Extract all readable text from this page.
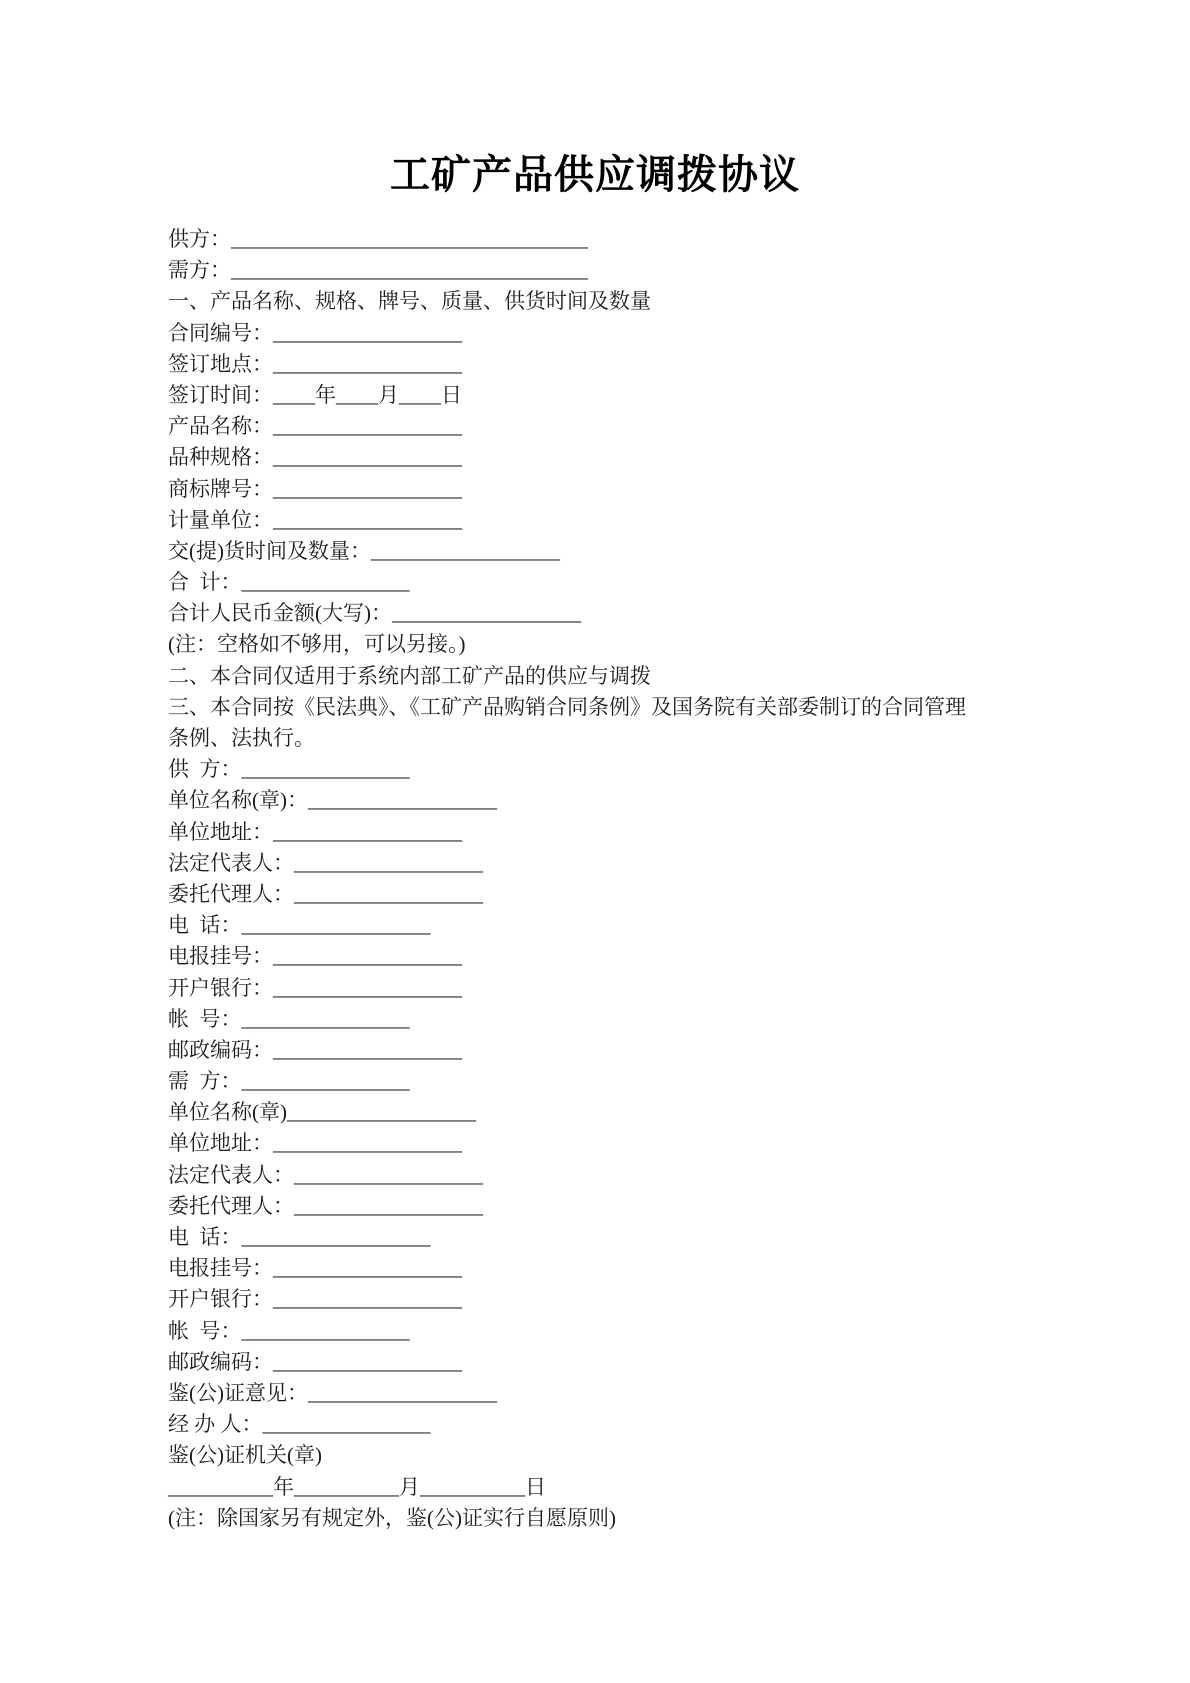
工矿产品供应调拨协议
供方：__________________________________
需方：__________________________________
一、产品名称、规格、牌号、质量、供货时间及数量
合同编号：__________________
签订地点：__________________
签订时间：____年____月____日
产品名称：__________________
品种规格：__________________
商标牌号：__________________
计量单位：__________________
交(提)货时间及数量：__________________
合  计：________________
合计人民币金额(大写)：__________________
(注：空格如不够用，可以另接。)
二、本合同仅适用于系统内部工矿产品的供应与调拨
三、本合同按《民法典》、《工矿产品购销合同条例》及国务院有关部委制订的合同管理
条例、法执行。
供  方：________________
单位名称(章)：__________________
单位地址：__________________
法定代表人：__________________
委托代理人：__________________
电  话：__________________
电报挂号：__________________
开户银行：__________________
帐  号：________________
邮政编码：__________________
需  方：________________
单位名称(章)__________________
单位地址：__________________
法定代表人：__________________
委托代理人：__________________
电  话：__________________
电报挂号：__________________
开户银行：__________________
帐  号：________________
邮政编码：__________________
鉴(公)证意见：__________________
经 办 人：________________
鉴(公)证机关(章)
__________年__________月__________日
(注：除国家另有规定外，鉴(公)证实行自愿原则)
